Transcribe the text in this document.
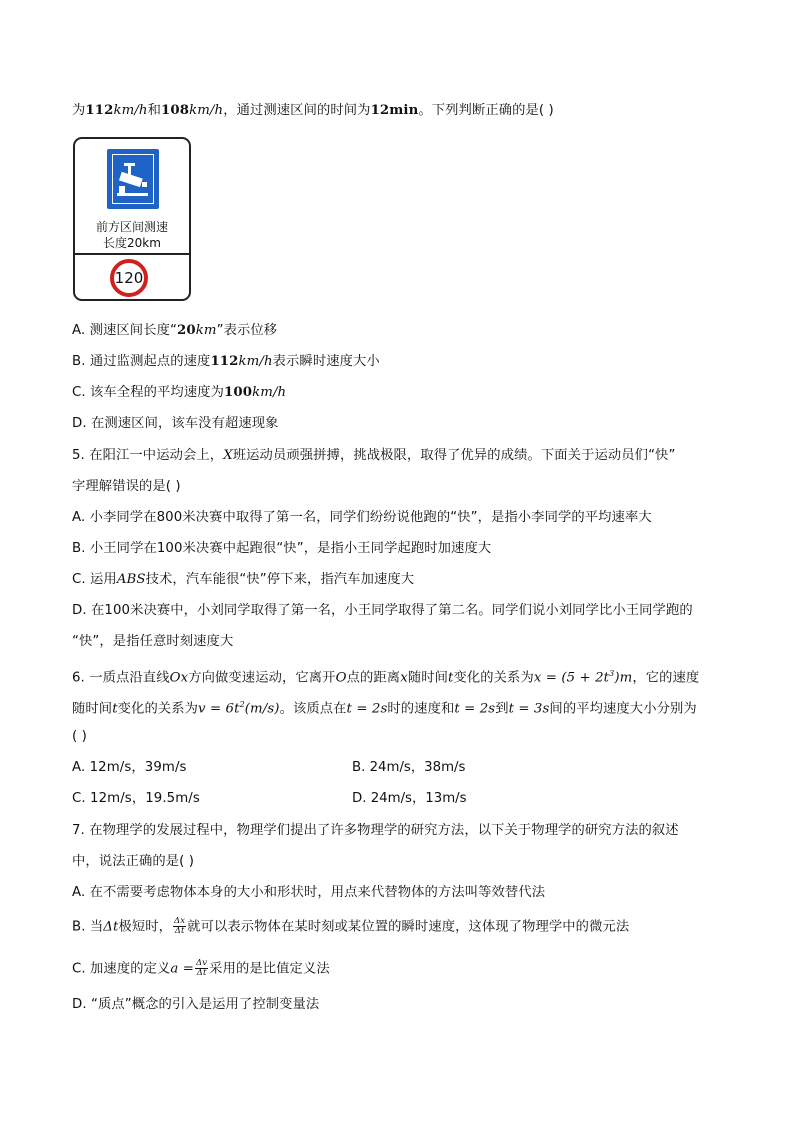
为112km/h和108km/h，通过测速区间的时间为12min。下列判断正确的是( )
前方区间测速
长度20km
120
A. 测速区间长度“20km”表示位移
B. 通过监测起点的速度112km/h表示瞬时速度大小
C. 该车全程的平均速度为100km/h
D. 在测速区间，该车没有超速现象
5. 在阳江一中运动会上，X班运动员顽强拼搏，挑战极限，取得了优异的成绩。下面关于运动员们“快”
字理解错误的是( )
A. 小李同学在800米决赛中取得了第一名，同学们纷纷说他跑的“快”，是指小李同学的平均速率大
B. 小王同学在100米决赛中起跑很“快”，是指小王同学起跑时加速度大
C. 运用ABS技术，汽车能很“快”停下来，指汽车加速度大
D. 在100米决赛中，小刘同学取得了第一名，小王同学取得了第二名。同学们说小刘同学比小王同学跑的
“快”，是指任意时刻速度大
6. 一质点沿直线Ox方向做变速运动，它离开O点的距离x随时间t变化的关系为$x = (5 + 2t^3)m$，它的速度
随时间t变化的关系为$v = 6t^2(m/s)$。该质点在t = 2s时的速度和t = 2s到t = 3s间的平均速度大小分别为
( )
A. 12m/s，39m/s	B. 24m/s，38m/s
C. 12m/s，19.5m/s	D. 24m/s，13m/s
7. 在物理学的发展过程中，物理学们提出了许多物理学的研究方法，以下关于物理学的研究方法的叙述
中，说法正确的是( )
A. 在不需要考虑物体本身的大小和形状时，用点来代替物体的方法叫等效替代法
B. 当Δt极短时， $\frac{\Delta x}{\Delta t}$ 就可以表示物体在某时刻或某位置的瞬时速度，这体现了物理学中的微元法
C. 加速度的定义$a = \frac{\Delta v}{\Delta t}$ 采用的是比值定义法
D. “质点”概念的引入是运用了控制变量法
